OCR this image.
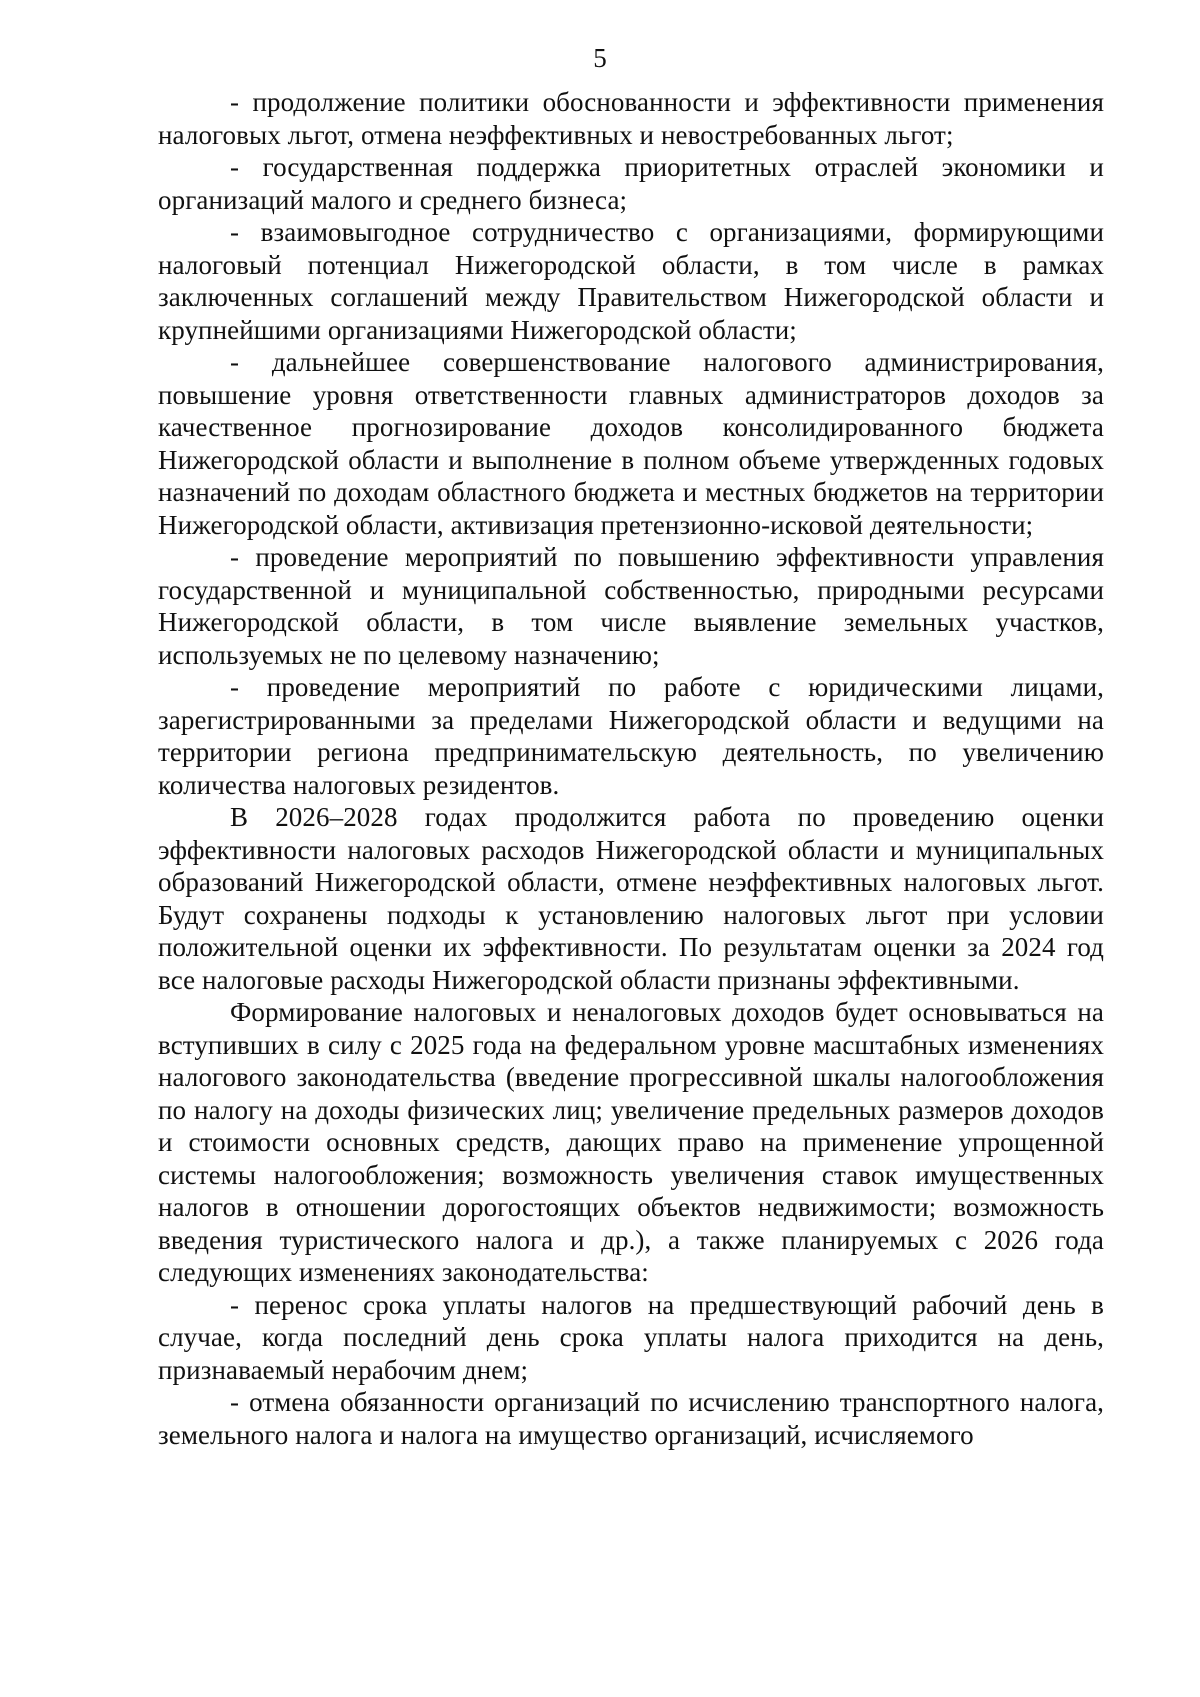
5

- продолжение политики обоснованности и эффективности применения налоговых льгот, отмена неэффективных и невостребованных льгот;

- государственная поддержка приоритетных отраслей экономики и организаций малого и среднего бизнеса;

- взаимовыгодное сотрудничество с организациями, формирующими налоговый потенциал Нижегородской области, в том числе в рамках заключенных соглашений между Правительством Нижегородской области и крупнейшими организациями Нижегородской области;

- дальнейшее совершенствование налогового администрирования, повышение уровня ответственности главных администраторов доходов за качественное прогнозирование доходов консолидированного бюджета Нижегородской области и выполнение в полном объеме утвержденных годовых назначений по доходам областного бюджета и местных бюджетов на территории Нижегородской области, активизация претензионно-исковой деятельности;

- проведение мероприятий по повышению эффективности управления государственной и муниципальной собственностью, природными ресурсами Нижегородской области, в том числе выявление земельных участков, используемых не по целевому назначению;

- проведение мероприятий по работе с юридическими лицами, зарегистрированными за пределами Нижегородской области и ведущими на территории региона предпринимательскую деятельность, по увеличению количества налоговых резидентов.

В 2026–2028 годах продолжится работа по проведению оценки эффективности налоговых расходов Нижегородской области и муниципальных образований Нижегородской области, отмене неэффективных налоговых льгот. Будут сохранены подходы к установлению налоговых льгот при условии положительной оценки их эффективности. По результатам оценки за 2024 год все налоговые расходы Нижегородской области признаны эффективными.

Формирование налоговых и неналоговых доходов будет основываться на вступивших в силу с 2025 года на федеральном уровне масштабных изменениях налогового законодательства (введение прогрессивной шкалы налогообложения по налогу на доходы физических лиц; увеличение предельных размеров доходов и стоимости основных средств, дающих право на применение упрощенной системы налогообложения; возможность увеличения ставок имущественных налогов в отношении дорогостоящих объектов недвижимости; возможность введения туристического налога и др.), а также планируемых с 2026 года следующих изменениях законодательства:

- перенос срока уплаты налогов на предшествующий рабочий день в случае, когда последний день срока уплаты налога приходится на день, признаваемый нерабочим днем;

- отмена обязанности организаций по исчислению транспортного налога, земельного налога и налога на имущество организаций, исчисляемого
